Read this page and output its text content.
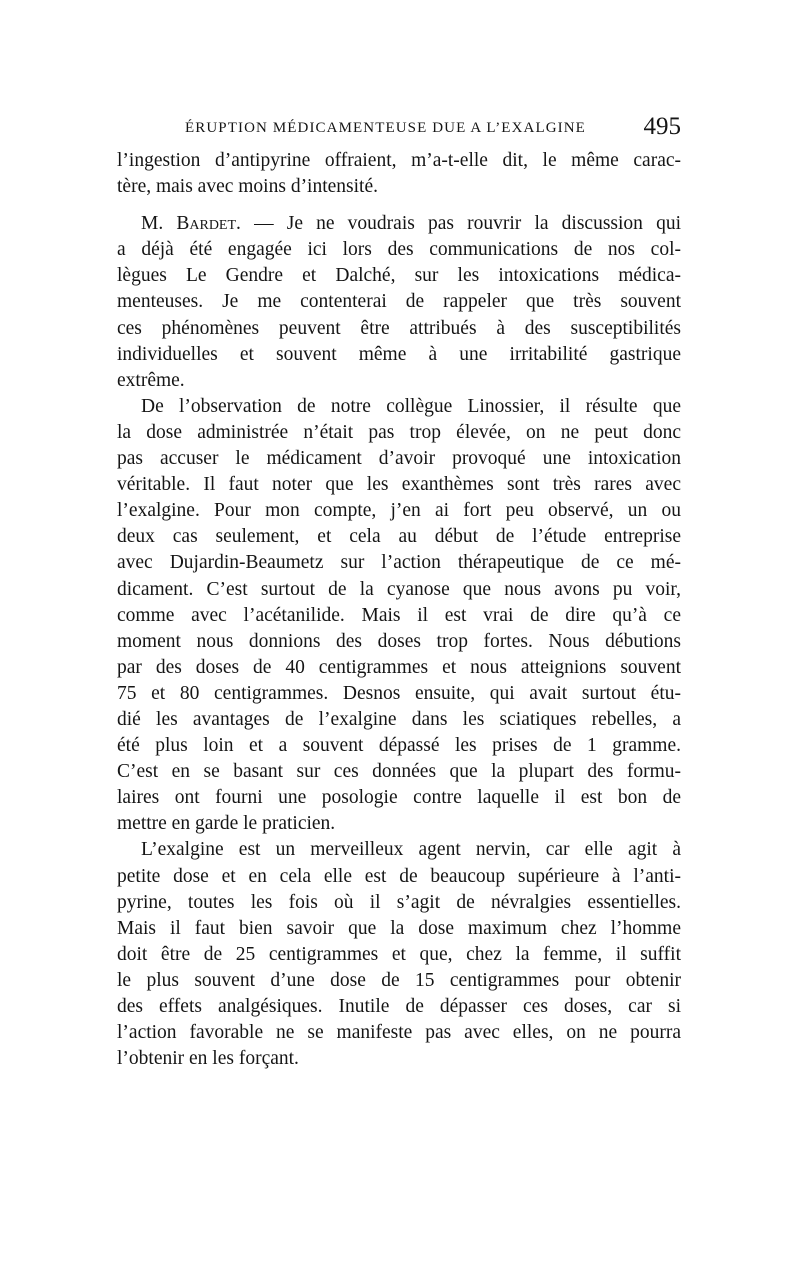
ÉRUPTION MÉDICAMENTEUSE DUE A L’EXALGINE 495
l’ingestion d’antipyrine offraient, m’a-t-elle dit, le même carac-
tère, mais avec moins d’intensité.
M. Bardet. — Je ne voudrais pas rouvrir la discussion qui
a déjà été engagée ici lors des communications de nos col-
lègues Le Gendre et Dalché, sur les intoxications médica-
menteuses. Je me contenterai de rappeler que très souvent
ces phénomènes peuvent être attribués à des susceptibilités
individuelles et souvent même à une irritabilité gastrique
extrême.
De l’observation de notre collègue Linossier, il résulte que
la dose administrée n’était pas trop élevée, on ne peut donc
pas accuser le médicament d’avoir provoqué une intoxication
véritable. Il faut noter que les exanthèmes sont très rares avec
l’exalgine. Pour mon compte, j’en ai fort peu observé, un ou
deux cas seulement, et cela au début de l’étude entreprise
avec Dujardin-Beaumetz sur l’action thérapeutique de ce mé-
dicament. C’est surtout de la cyanose que nous avons pu voir,
comme avec l’acétanilide. Mais il est vrai de dire qu’à ce
moment nous donnions des doses trop fortes. Nous débutions
par des doses de 40 centigrammes et nous atteignions souvent
75 et 80 centigrammes. Desnos ensuite, qui avait surtout étu-
dié les avantages de l’exalgine dans les sciatiques rebelles, a
été plus loin et a souvent dépassé les prises de 1 gramme.
C’est en se basant sur ces données que la plupart des formu-
laires ont fourni une posologie contre laquelle il est bon de
mettre en garde le praticien.
L’exalgine est un merveilleux agent nervin, car elle agit à
petite dose et en cela elle est de beaucoup supérieure à l’anti-
pyrine, toutes les fois où il s’agit de névralgies essentielles.
Mais il faut bien savoir que la dose maximum chez l’homme
doit être de 25 centigrammes et que, chez la femme, il suffit
le plus souvent d’une dose de 15 centigrammes pour obtenir
des effets analgésiques. Inutile de dépasser ces doses, car si
l’action favorable ne se manifeste pas avec elles, on ne pourra
l’obtenir en les forçant.
